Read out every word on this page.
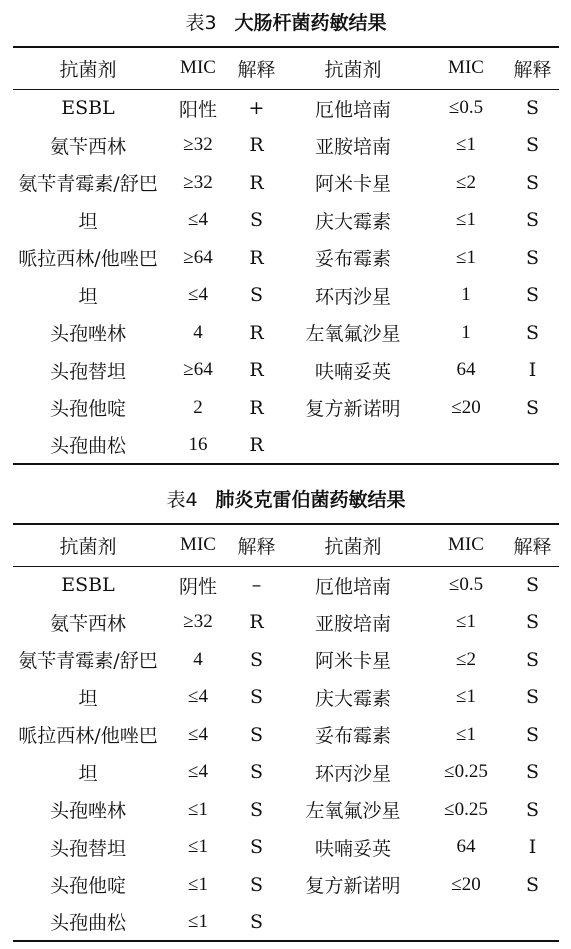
表3 大肠杆菌药敏结果
抗菌剂	MIC	解释	抗菌剂	MIC	解释
ESBL	阳性	+	厄他培南	≤0.5	S
氨苄西林	≥32	R	亚胺培南	≤1	S
氨苄青霉素/舒巴	≥32	R	阿米卡星	≤2	S
坦	≤4	S	庆大霉素	≤1	S
哌拉西林/他唑巴	≥64	R	妥布霉素	≤1	S
坦	≤4	S	环丙沙星	1	S
头孢唑林	4	R	左氧氟沙星	1	S
头孢替坦	≥64	R	呋喃妥英	64	I
头孢他啶	2	R	复方新诺明	≤20	S
头孢曲松	16	R			
表4 肺炎克雷伯菌药敏结果
抗菌剂	MIC	解释	抗菌剂	MIC	解释
ESBL	阴性	–	厄他培南	≤0.5	S
氨苄西林	≥32	R	亚胺培南	≤1	S
氨苄青霉素/舒巴	4	S	阿米卡星	≤2	S
坦	≤4	S	庆大霉素	≤1	S
哌拉西林/他唑巴	≤4	S	妥布霉素	≤1	S
坦	≤4	S	环丙沙星	≤0.25	S
头孢唑林	≤1	S	左氧氟沙星	≤0.25	S
头孢替坦	≤1	S	呋喃妥英	64	I
头孢他啶	≤1	S	复方新诺明	≤20	S
头孢曲松	≤1	S			
